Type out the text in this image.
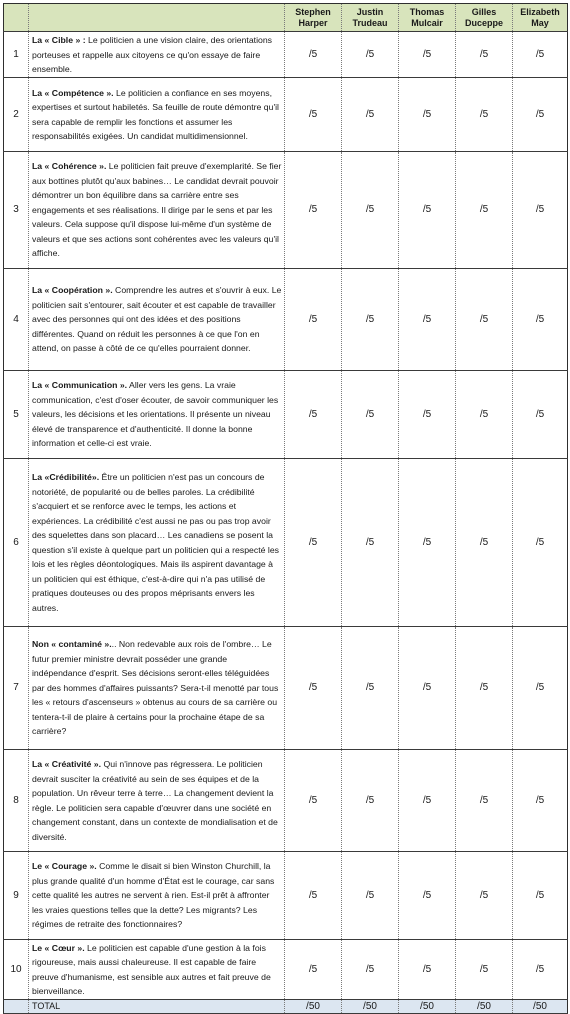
		Stephen Harper	Justin Trudeau	Thomas Mulcair	Gilles Duceppe	Elizabeth May
1	La « Cible » : Le politicien a une vision claire, des orientations porteuses et rappelle aux citoyens ce qu'on essaye de faire ensemble.	/5	/5	/5	/5	/5
2	La « Compétence ». Le politicien a confiance en ses moyens, expertises et surtout habiletés. Sa feuille de route démontre qu'il sera capable de remplir les fonctions et assumer les responsabilités exigées. Un candidat multidimensionnel.	/5	/5	/5	/5	/5
3	La « Cohérence ». Le politicien fait preuve d'exemplarité. Se fier aux bottines plutôt qu'aux babines… Le candidat devrait pouvoir démontrer un bon équilibre dans sa carrière entre ses engagements et ses réalisations. Il dirige par le sens et par les valeurs. Cela suppose qu'il dispose lui-même d'un système de valeurs et que ses actions sont cohérentes avec les valeurs qu'il affiche.	/5	/5	/5	/5	/5
4	La « Coopération ». Comprendre les autres et s'ouvrir à eux. Le politicien sait s'entourer, sait écouter et est capable de travailler avec des personnes qui ont des idées et des positions différentes. Quand on réduit les personnes à ce que l'on en attend, on passe à côté de ce qu'elles pourraient donner.	/5	/5	/5	/5	/5
5	La « Communication ». Aller vers les gens. La vraie communication, c'est d'oser écouter, de savoir communiquer les valeurs, les décisions et les orientations. Il présente un niveau élevé de transparence et d'authenticité. Il donne la bonne information et celle-ci est vraie.	/5	/5	/5	/5	/5
6	La «Crédibilité». Être un politicien n'est pas un concours de notoriété, de popularité ou de belles paroles. La crédibilité s'acquiert et se renforce avec le temps, les actions et expériences. La crédibilité c'est aussi ne pas ou pas trop avoir des squelettes dans son placard… Les canadiens se posent la question s'il existe à quelque part un politicien qui a respecté les lois et les règles déontologiques. Mais ils aspirent davantage à un politicien qui est éthique, c'est-à-dire qui n'a pas utilisé de pratiques douteuses ou des propos méprisants envers les autres.	/5	/5	/5	/5	/5
7	Non « contaminé »... Non redevable aux rois de l'ombre… Le futur premier ministre devrait posséder une grande indépendance d'esprit. Ses décisions seront-elles téléguidées par des hommes d'affaires puissants? Sera-t-il menotté par tous les « retours d'ascenseurs » obtenus au cours de sa carrière ou tentera-t-il de plaire à certains pour la prochaine étape de sa carrière?	/5	/5	/5	/5	/5
8	La « Créativité ». Qui n'innove pas régressera. Le politicien devrait susciter la créativité au sein de ses équipes et de la population. Un rêveur terre à terre… La changement devient la règle. Le politicien sera capable d'œuvrer dans une société en changement constant, dans un contexte de mondialisation et de diversité.	/5	/5	/5	/5	/5
9	Le « Courage ». Comme le disait si bien Winston Churchill, la plus grande qualité d'un homme d'État est le courage, car sans cette qualité les autres ne servent à rien. Est-il prêt à affronter les vraies questions telles que la dette? Les migrants? Les régimes de retraite des fonctionnaires?	/5	/5	/5	/5	/5
10	Le « Cœur ». Le politicien est capable d'une gestion à la fois rigoureuse, mais aussi chaleureuse. Il est capable de faire preuve d'humanisme, est sensible aux autres et fait preuve de bienveillance.	/5	/5	/5	/5	/5
	TOTAL	/50	/50	/50	/50	/50
